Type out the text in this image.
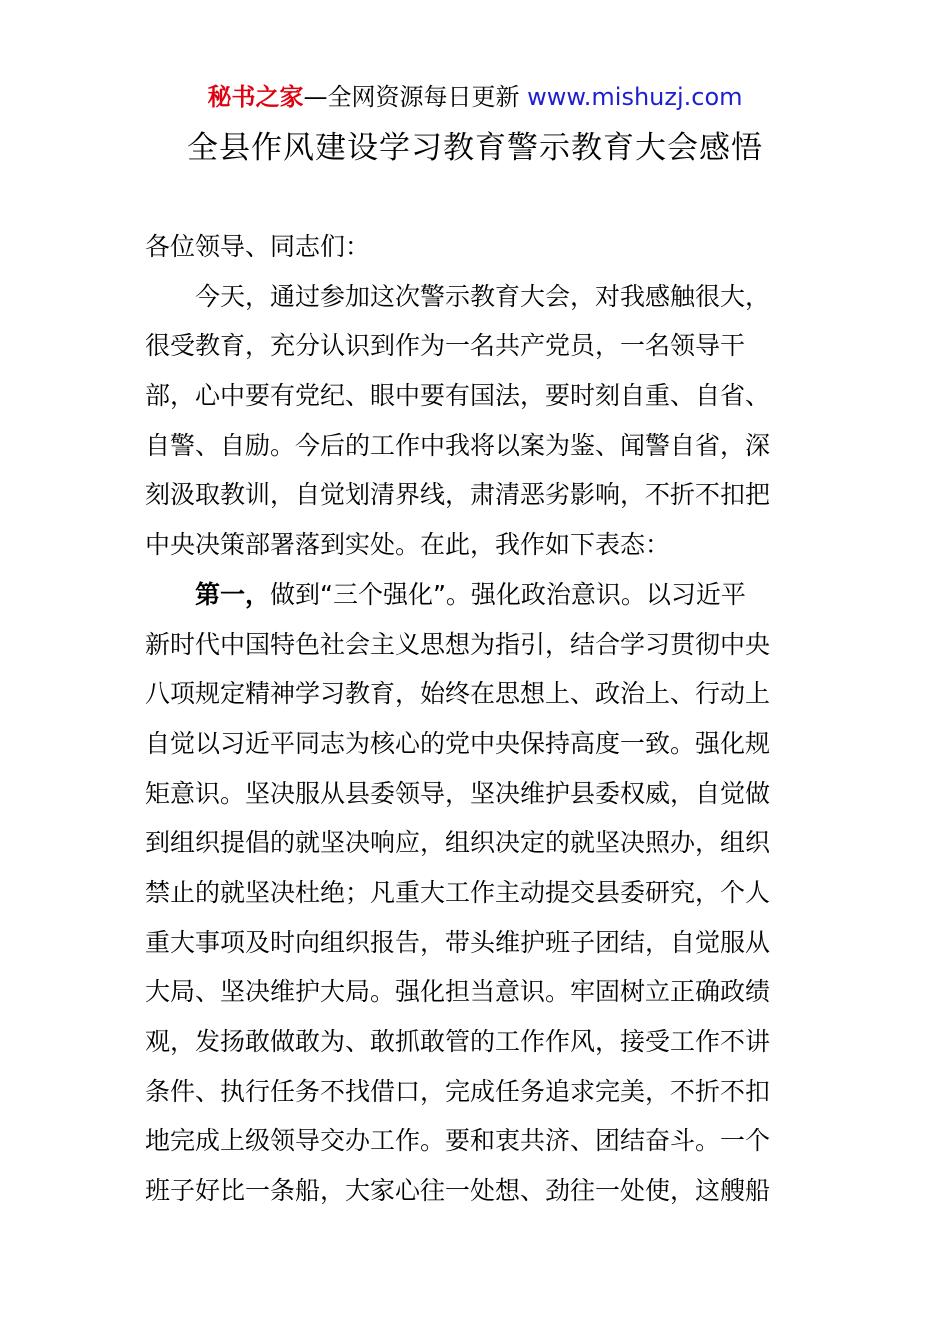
秘书之家—全网资源每日更新 www.mishuzj.com
全县作风建设学习教育警示教育大会感悟
各位领导、同志们：
　　今天，通过参加这次警示教育大会，对我感触很大，
很受教育，充分认识到作为一名共产党员，一名领导干
部，心中要有党纪、眼中要有国法，要时刻自重、自省、
自警、自励。今后的工作中我将以案为鉴、闻警自省，深
刻汲取教训，自觉划清界线，肃清恶劣影响，不折不扣把
中央决策部署落到实处。在此，我作如下表态：
　　第一，做到“三个强化”。强化政治意识。以习近平
新时代中国特色社会主义思想为指引，结合学习贯彻中央
八项规定精神学习教育，始终在思想上、政治上、行动上
自觉以习近平同志为核心的党中央保持高度一致。强化规
矩意识。坚决服从县委领导，坚决维护县委权威，自觉做
到组织提倡的就坚决响应，组织决定的就坚决照办，组织
禁止的就坚决杜绝；凡重大工作主动提交县委研究，个人
重大事项及时向组织报告，带头维护班子团结，自觉服从
大局、坚决维护大局。强化担当意识。牢固树立正确政绩
观，发扬敢做敢为、敢抓敢管的工作作风，接受工作不讲
条件、执行任务不找借口，完成任务追求完美，不折不扣
地完成上级领导交办工作。要和衷共济、团结奋斗。一个
班子好比一条船，大家心往一处想、劲往一处使，这艘船
